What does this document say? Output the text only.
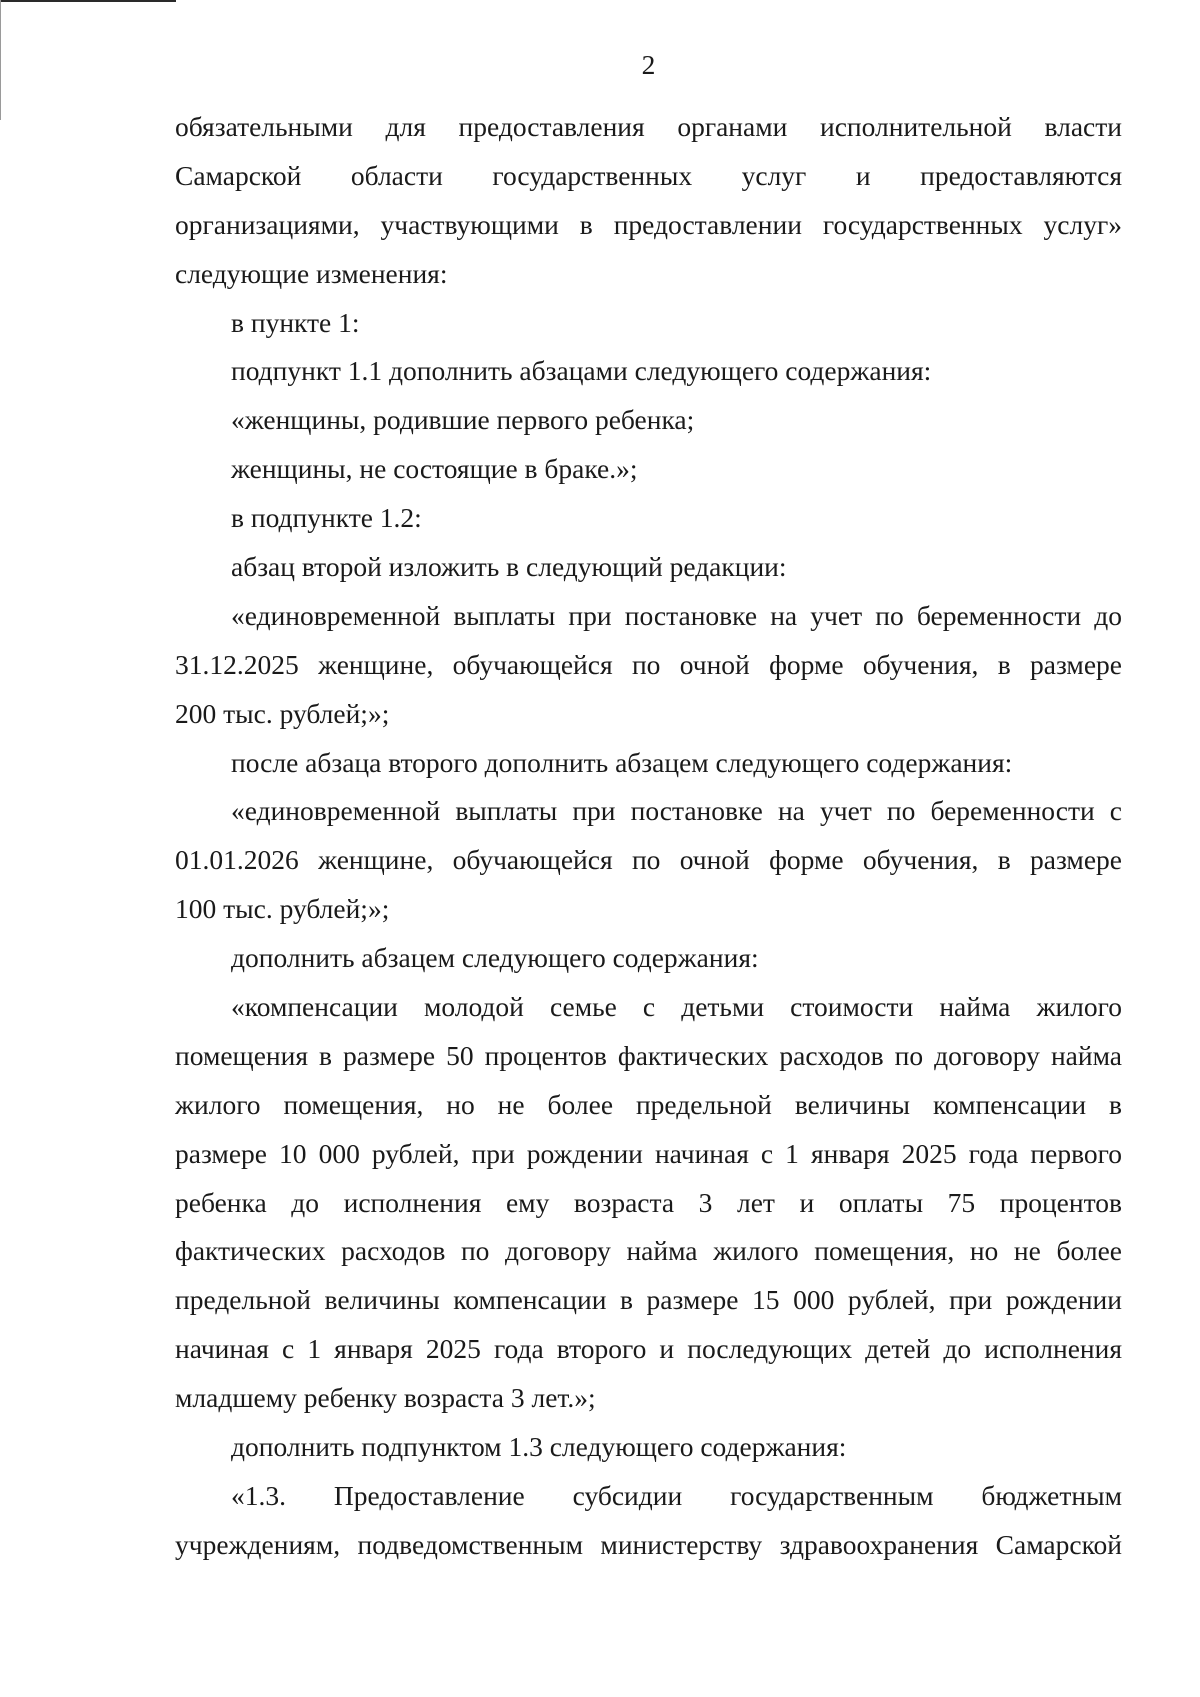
2
обязательными для предоставления органами исполнительной власти
Самарской области государственных услуг и предоставляются
организациями, участвующими в предоставлении государственных услуг»
следующие изменения:
в пункте 1:
подпункт 1.1 дополнить абзацами следующего содержания:
«женщины, родившие первого ребенка;
женщины, не состоящие в браке.»;
в подпункте 1.2:
абзац второй изложить в следующий редакции:
«единовременной выплаты при постановке на учет по беременности до
31.12.2025 женщине, обучающейся по очной форме обучения, в размере
200 тыс. рублей;»;
после абзаца второго дополнить абзацем следующего содержания:
«единовременной выплаты при постановке на учет по беременности с
01.01.2026 женщине, обучающейся по очной форме обучения, в размере
100 тыс. рублей;»;
дополнить абзацем следующего содержания:
«компенсации молодой семье с детьми стоимости найма жилого
помещения в размере 50 процентов фактических расходов по договору найма
жилого помещения, но не более предельной величины компенсации в
размере 10 000 рублей, при рождении начиная с 1 января 2025 года первого
ребенка до исполнения ему возраста 3 лет и оплаты 75 процентов
фактических расходов по договору найма жилого помещения, но не более
предельной величины компенсации в размере 15 000 рублей, при рождении
начиная с 1 января 2025 года второго и последующих детей до исполнения
младшему ребенку возраста 3 лет.»;
дополнить подпунктом 1.3 следующего содержания:
«1.3. Предоставление субсидии государственным бюджетным
учреждениям, подведомственным министерству здравоохранения Самарской
